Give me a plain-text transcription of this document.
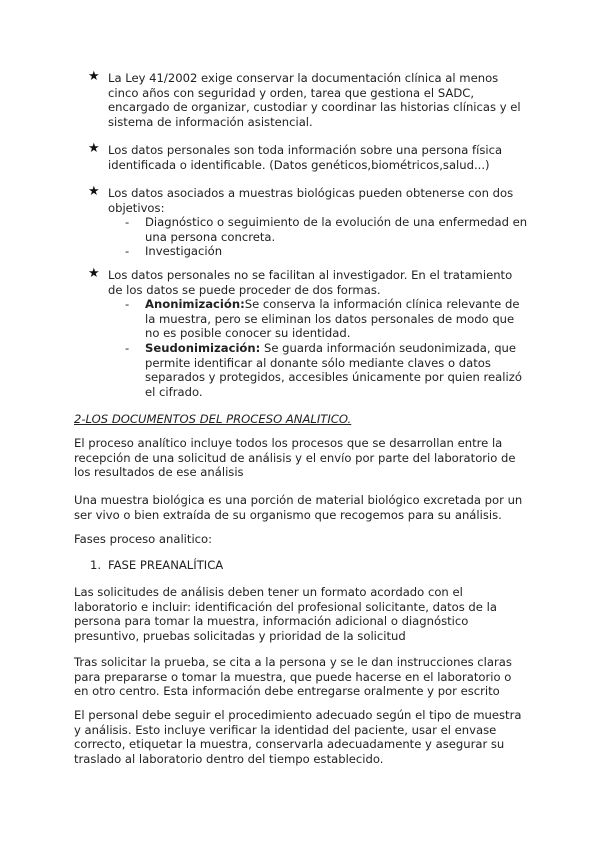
★ La Ley 41/2002 exige conservar la documentación clínica al menos cinco años con seguridad y orden, tarea que gestiona el SADC, encargado de organizar, custodiar y coordinar las historias clínicas y el sistema de información asistencial.
★ Los datos personales son toda información sobre una persona física identificada o identificable. (Datos genéticos,biométricos,salud...)
★ Los datos asociados a muestras biológicas pueden obtenerse con dos objetivos:
- Diagnóstico o seguimiento de la evolución de una enfermedad en una persona concreta.
- Investigación
★ Los datos personales no se facilitan al investigador. En el tratamiento de los datos se puede proceder de dos formas.
- Anonimización:Se conserva la información clínica relevante de la muestra, pero se eliminan los datos personales de modo que no es posible conocer su identidad.
- Seudonimización: Se guarda información seudonimizada, que permite identificar al donante sólo mediante claves o datos separados y protegidos, accesibles únicamente por quien realizó el cifrado.
2-LOS DOCUMENTOS DEL PROCESO ANALITICO.
El proceso analítico incluye todos los procesos que se desarrollan entre la recepción de una solicitud de análisis y el envío por parte del laboratorio de los resultados de ese análisis
Una muestra biológica es una porción de material biológico excretada por un ser vivo o bien extraída de su organismo que recogemos para su análisis.
Fases proceso analitico:
1. FASE PREANALÍTICA
Las solicitudes de análisis deben tener un formato acordado con el laboratorio e incluir: identificación del profesional solicitante, datos de la persona para tomar la muestra, información adicional o diagnóstico presuntivo, pruebas solicitadas y prioridad de la solicitud
Tras solicitar la prueba, se cita a la persona y se le dan instrucciones claras para prepararse o tomar la muestra, que puede hacerse en el laboratorio o en otro centro. Esta información debe entregarse oralmente y por escrito
El personal debe seguir el procedimiento adecuado según el tipo de muestra y análisis. Esto incluye verificar la identidad del paciente, usar el envase correcto, etiquetar la muestra, conservarla adecuadamente y asegurar su traslado al laboratorio dentro del tiempo establecido.
